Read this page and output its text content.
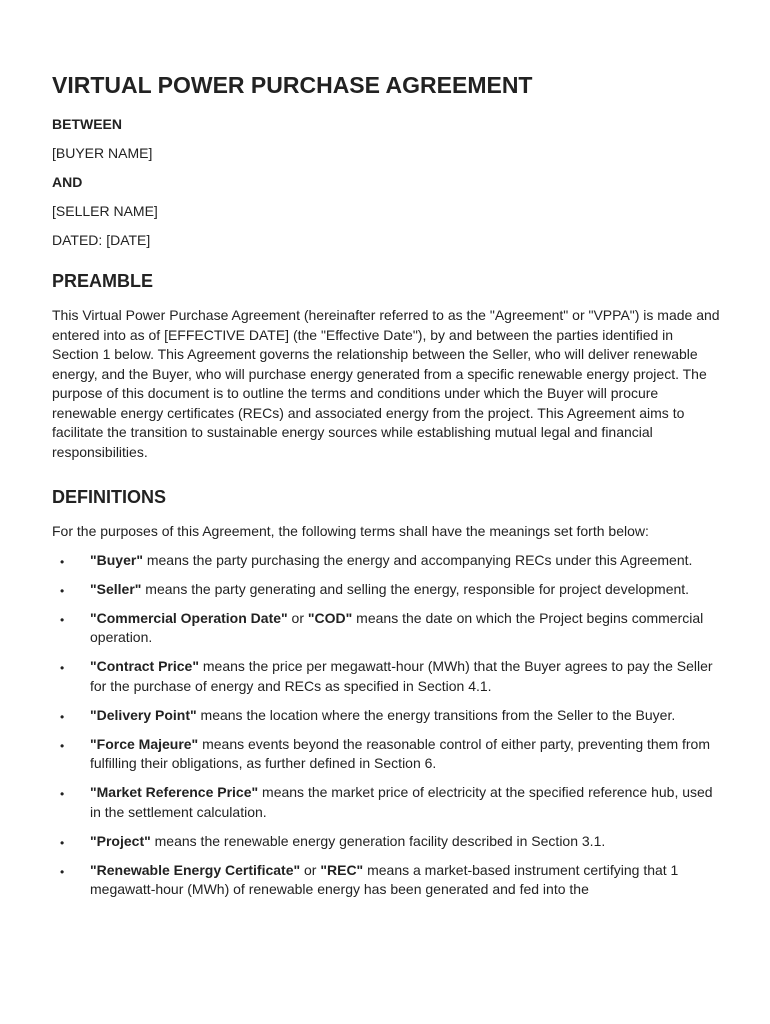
VIRTUAL POWER PURCHASE AGREEMENT
BETWEEN
[BUYER NAME]
AND
[SELLER NAME]
DATED: [DATE]
PREAMBLE

This Virtual Power Purchase Agreement (hereinafter referred to as the "Agreement" or "VPPA") is made and entered into as of [EFFECTIVE DATE] (the "Effective Date"), by and between the parties identified in Section 1 below. This Agreement governs the relationship between the Seller, who will deliver renewable energy, and the Buyer, who will purchase energy generated from a specific renewable energy project. The purpose of this document is to outline the terms and conditions under which the Buyer will procure renewable energy certificates (RECs) and associated energy from the project. This Agreement aims to facilitate the transition to sustainable energy sources while establishing mutual legal and financial responsibilities.

DEFINITIONS

For the purposes of this Agreement, the following terms shall have the meanings set forth below:

• "Buyer" means the party purchasing the energy and accompanying RECs under this Agreement.
• "Seller" means the party generating and selling the energy, responsible for project development.
• "Commercial Operation Date" or "COD" means the date on which the Project begins commercial operation.
• "Contract Price" means the price per megawatt-hour (MWh) that the Buyer agrees to pay the Seller for the purchase of energy and RECs as specified in Section 4.1.
• "Delivery Point" means the location where the energy transitions from the Seller to the Buyer.
• "Force Majeure" means events beyond the reasonable control of either party, preventing them from fulfilling their obligations, as further defined in Section 6.
• "Market Reference Price" means the market price of electricity at the specified reference hub, used in the settlement calculation.
• "Project" means the renewable energy generation facility described in Section 3.1.
• "Renewable Energy Certificate" or "REC" means a market-based instrument certifying that 1 megawatt-hour (MWh) of renewable energy has been generated and fed into the
